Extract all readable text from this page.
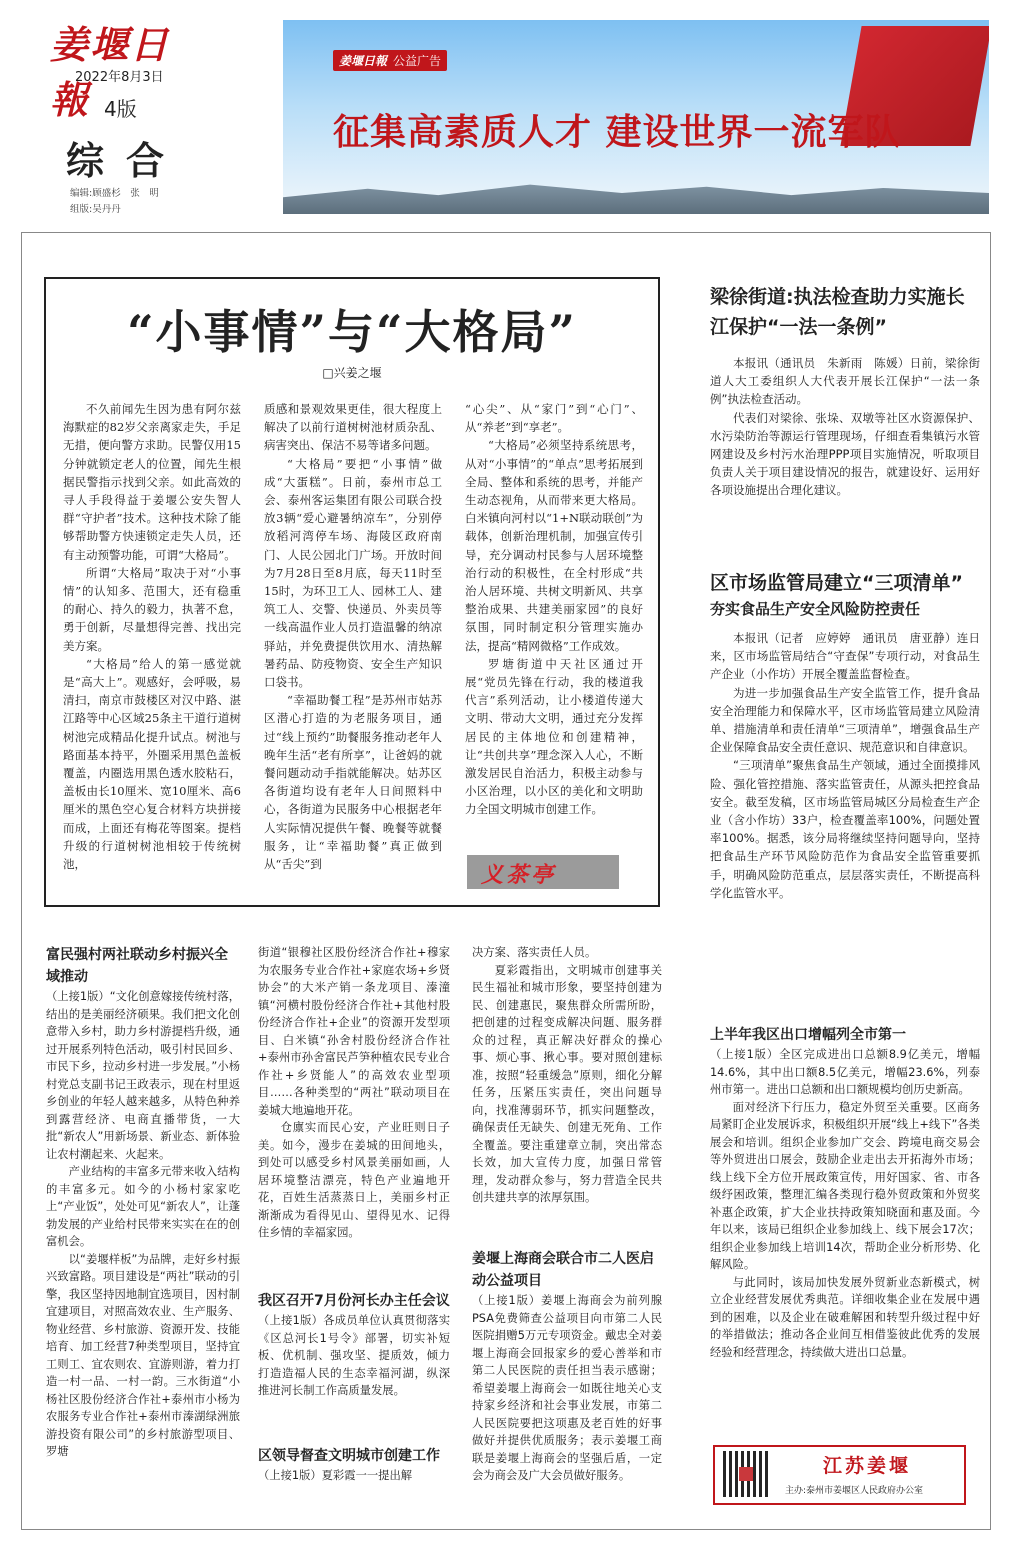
姜堰日報
2022年8月3日
4版
综合
编辑:顾盛杉　张　明
组版:吴丹丹
姜堰日報 公益广告
征集高素质人才 建设世界一流军队
“小事情”与“大格局”
□兴姜之堰

不久前闻先生因为患有阿尔兹海默症的82岁父亲离家走失，手足无措，便向警方求助。民警仅用15分钟就锁定老人的位置，闻先生根据民警指示找到父亲。如此高效的寻人手段得益于姜堰公安失智人群“守护者”技术。这种技术除了能够帮助警方快速锁定走失人员，还有主动预警功能，可谓“大格局”。

所谓“大格局”取决于对“小事情”的认知多、范围大，还有稳重的耐心、持久的毅力，执著不怠，勇于创新，尽量想得完善、找出完美方案。

“大格局”给人的第一感觉就是“高大上”。观感好，会呼吸，易清扫，南京市鼓楼区对汉中路、湛江路等中心区域25条主干道行道树树池完成精品化提升试点。树池与路面基本持平，外圈采用黑色盖板覆盖，内圈选用黑色透水胶粘石，盖板由长10厘米、宽10厘米、高6厘米的黑色空心复合材料方块拼接而成，上面还有梅花等图案。提档升级的行道树树池相较于传统树池，

质感和景观效果更佳，很大程度上解决了以前行道树树池材质杂乱、病害突出、保洁不易等诸多问题。

“大格局”要把“小事情”做成“大蛋糕”。日前，泰州市总工会、泰州客运集团有限公司联合投放3辆“爱心避暑纳凉车”，分别停放稻河湾停车场、海陵区政府南门、人民公园北门广场。开放时间为7月28日至8月底，每天11时至15时，为环卫工人、园林工人、建筑工人、交警、快递员、外卖员等一线高温作业人员打造温馨的纳凉驿站，并免费提供饮用水、清热解暑药品、防疫物资、安全生产知识口袋书。

“幸福助餐工程”是苏州市姑苏区潜心打造的为老服务项目，通过“线上预约”助餐服务推动老年人晚年生活“老有所享”，让爸妈的就餐问题动动手指就能解决。姑苏区各街道均设有老年人日间照料中心，各街道为民服务中心根据老年人实际情况提供午餐、晚餐等就餐服务，让“幸福助餐”真正做到从“舌尖”到

“心尖”、从“家门”到“心门”、从“养老”到“享老”。

“大格局”必须坚持系统思考，从对“小事情”的“单点”思考拓展到全局、整体和系统的思考，并能产生动态视角，从而带来更大格局。白米镇向河村以“1+N联动联创”为载体，创新治理机制，加强宣传引导，充分调动村民参与人居环境整治行动的积极性，在全村形成“共治人居环境、共树文明新风、共享整治成果、共建美丽家园”的良好氛围，同时制定积分管理实施办法，提高“精网微格”工作成效。

罗塘街道中天社区通过开展“党员先锋在行动，我的楼道我代言”系列活动，让小楼道传递大文明、带动大文明，通过充分发挥居民的主体地位和创建精神，让“共创共享”理念深入人心，不断激发居民自治活力，积极主动参与小区治理，以小区的美化和文明助力全国文明城市创建工作。

义茶亭
梁徐街道:执法检查助力实施长江保护“一法一条例”

本报讯（通讯员　朱新雨　陈媛）日前，梁徐街道人大工委组织人大代表开展长江保护“一法一条例”执法检查活动。

代表们对梁徐、张垛、双墩等社区水资源保护、水污染防治等源运行管理现场，仔细查看集镇污水管网建设及乡村污水治理PPP项目实施情况，听取项目负责人关于项目建设情况的报告，就建设好、运用好各项设施提出合理化建议。

区市场监管局建立“三项清单”
夯实食品生产安全风险防控责任

本报讯（记者　应婷婷　通讯员　唐亚静）连日来，区市场监管局结合“守查保”专项行动，对食品生产企业（小作坊）开展全覆盖监督检查。

为进一步加强食品生产安全监管工作，提升食品安全治理能力和保障水平，区市场监管局建立风险清单、措施清单和责任清单“三项清单”，增强食品生产企业保障食品安全责任意识、规范意识和自律意识。

“三项清单”聚焦食品生产领域，通过全面摸排风险、强化管控措施、落实监管责任，从源头把控食品安全。截至发稿，区市场监管局城区分局检查生产企业（含小作坊）33户，检查覆盖率100%，问题处置率100%。据悉，该分局将继续坚持问题导向，坚持把食品生产环节风险防范作为食品安全监管重要抓手，明确风险防范重点，层层落实责任，不断提高科学化监管水平。

上半年我区出口增幅列全市第一

（上接1版）全区完成进出口总额8.9亿美元，增幅14.6%，其中出口额8.5亿美元，增幅23.6%，列泰州市第一。进出口总额和出口额规模均创历史新高。

面对经济下行压力，稳定外贸至关重要。区商务局紧盯企业发展诉求，积极组织开展“线上+线下”各类展会和培训。组织企业参加广交会、跨境电商交易会等外贸进出口展会，鼓励企业走出去开拓海外市场；线上线下全方位开展政策宣传，用好国家、省、市各级纾困政策，整理汇编各类现行稳外贸政策和外贸奖补惠企政策，扩大企业扶持政策知晓面和惠及面。今年以来，该局已组织企业参加线上、线下展会17次；组织企业参加线上培训14次，帮助企业分析形势、化解风险。

与此同时，该局加快发展外贸新业态新模式，树立企业经营发展优秀典范。详细收集企业在发展中遇到的困难，以及企业在破难解困和转型升级过程中好的举措做法；推动各企业间互相借鉴彼此优秀的发展经验和经营理念，持续做大进出口总量。

江苏姜堰
主办:泰州市姜堰区人民政府办公室
富民强村两社联动乡村振兴全域推动

（上接1版）“文化创意嫁接传统村落，结出的是美丽经济硕果。我们把文化创意带入乡村，助力乡村游提档升级，通过开展系列特色活动，吸引村民回乡、市民下乡，拉动乡村进一步发展。”小杨村党总支副书记王政表示，现在村里返乡创业的年轻人越来越多，从特色种养到露营经济、电商直播带货，一大批“新农人”用新场景、新业态、新体验让农村潮起来、火起来。

产业结构的丰富多元带来收入结构的丰富多元。如今的小杨村家家吃上“产业饭”，处处可见“新农人”，让蓬勃发展的产业给村民带来实实在在的创富机会。

以“姜堰样板”为品牌，走好乡村振兴致富路。项目建设是“两社”联动的引擎，我区坚持因地制宜选项目，因村制宜建项目，对照高效农业、生产服务、物业经营、乡村旅游、资源开发、技能培育、加工经营7种类型项目，坚持宜工则工、宜农则农、宜游则游，着力打造一村一品、一村一韵。三水街道“小杨社区股份经济合作社+泰州市小杨为农服务专业合作社+泰州市溱湖绿洲旅游投资有限公司”的乡村旅游型项目、罗塘

街道“银穆社区股份经济合作社+穆家为农服务专业合作社+家庭农场+乡贤协会”的大米产销一条龙项目、溱潼镇“河横村股份经济合作社+其他村股份经济合作社+企业”的资源开发型项目、白米镇“孙舍村股份经济合作社+泰州市孙舍富民芦笋种植农民专业合作社+乡贤能人”的高效农业型项目……各种类型的“两社”联动项目在姜城大地遍地开花。

仓廪实而民心安，产业旺则日子美。如今，漫步在姜城的田间地头，到处可以感受乡村风景美丽如画，人居环境整洁漂亮，特色产业遍地开花，百姓生活蒸蒸日上，美丽乡村正渐渐成为看得见山、望得见水、记得住乡情的幸福家园。

我区召开7月份河长办主任会议

（上接1版）各成员单位认真贯彻落实《区总河长1号令》部署，切实补短板、优机制、强攻坚、提质效，倾力打造造福人民的生态幸福河湖，纵深推进河长制工作高质量发展。

区领导督查文明城市创建工作

（上接1版）夏彩霞一一提出解

决方案、落实责任人员。

夏彩霞指出，文明城市创建事关民生福祉和城市形象，要坚持创建为民、创建惠民，聚焦群众所需所盼，把创建的过程变成解决问题、服务群众的过程，真正解决好群众的操心事、烦心事、揪心事。要对照创建标准，按照“轻重缓急”原则，细化分解任务，压紧压实责任，突出问题导向，找准薄弱环节，抓实问题整改，确保责任无缺失、创建无死角、工作全覆盖。要注重建章立制，突出常态长效，加大宣传力度，加强日常管理，发动群众参与，努力营造全民共创共建共享的浓厚氛围。

姜堰上海商会联合市二人医启动公益项目

（上接1版）姜堰上海商会为前列腺PSA免费筛查公益项目向市第二人民医院捐赠5万元专项资金。戴忠全对姜堰上海商会回报家乡的爱心善举和市第二人民医院的责任担当表示感谢；希望姜堰上海商会一如既往地关心支持家乡经济和社会事业发展，市第二人民医院要把这项惠及老百姓的好事做好并提供优质服务；表示姜堰工商联是姜堰上海商会的坚强后盾，一定会为商会及广大会员做好服务。
